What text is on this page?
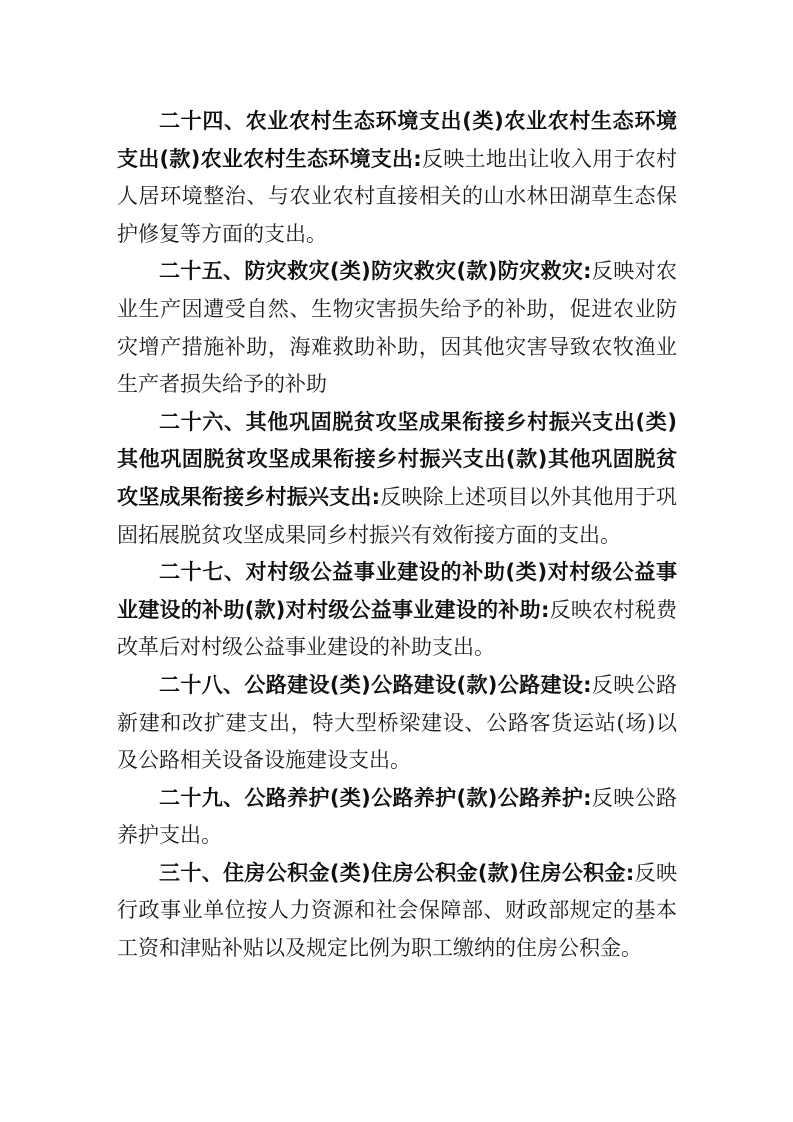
二十四、农业农村生态环境支出(类)农业农村生态环境支出(款)农业农村生态环境支出:反映土地出让收入用于农村人居环境整治、与农业农村直接相关的山水林田湖草生态保护修复等方面的支出。

二十五、防灾救灾(类)防灾救灾(款)防灾救灾:反映对农业生产因遭受自然、生物灾害损失给予的补助，促进农业防灾增产措施补助，海难救助补助，因其他灾害导致农牧渔业生产者损失给予的补助

二十六、其他巩固脱贫攻坚成果衔接乡村振兴支出(类)其他巩固脱贫攻坚成果衔接乡村振兴支出(款)其他巩固脱贫攻坚成果衔接乡村振兴支出:反映除上述项目以外其他用于巩固拓展脱贫攻坚成果同乡村振兴有效衔接方面的支出。

二十七、对村级公益事业建设的补助(类)对村级公益事业建设的补助(款)对村级公益事业建设的补助:反映农村税费改革后对村级公益事业建设的补助支出。

二十八、公路建设(类)公路建设(款)公路建设:反映公路新建和改扩建支出，特大型桥梁建设、公路客货运站(场)以及公路相关设备设施建设支出。

二十九、公路养护(类)公路养护(款)公路养护:反映公路养护支出。

三十、住房公积金(类)住房公积金(款)住房公积金:反映行政事业单位按人力资源和社会保障部、财政部规定的基本工资和津贴补贴以及规定比例为职工缴纳的住房公积金。
